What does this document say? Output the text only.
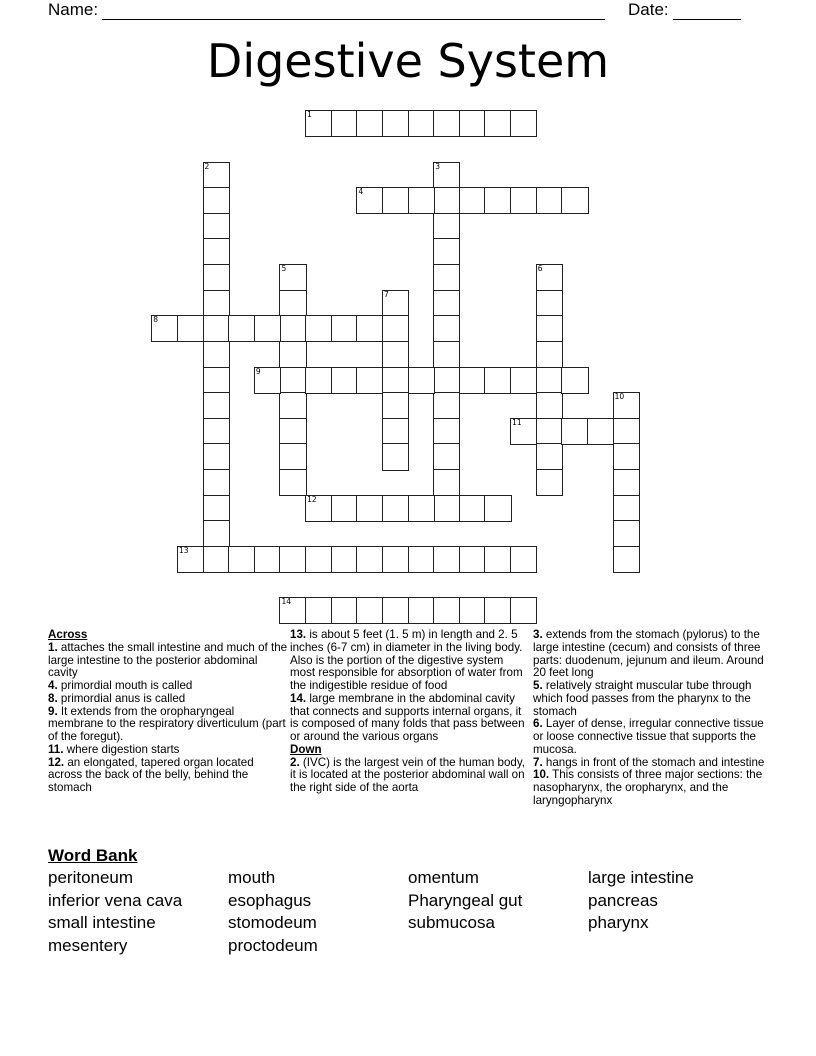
Name:	Date:
Digestive System
1
2	3
4
5	6
7
8
9
10
11
12
13
14
Across
1. attaches the small intestine and much of the large intestine to the posterior abdominal cavity
4. primordial mouth is called
8. primordial anus is called
9. It extends from the oropharyngeal membrane to the respiratory diverticulum (part of the foregut).
11. where digestion starts
12. an elongated, tapered organ located across the back of the belly, behind the stomach
13. is about 5 feet (1. 5 m) in length and 2. 5 inches (6-7 cm) in diameter in the living body. Also is the portion of the digestive system most responsible for absorption of water from the indigestible residue of food
14. large membrane in the abdominal cavity that connects and supports internal organs, it is composed of many folds that pass between or around the various organs
Down
2. (IVC) is the largest vein of the human body, it is located at the posterior abdominal wall on the right side of the aorta
3. extends from the stomach (pylorus) to the large intestine (cecum) and consists of three parts: duodenum, jejunum and ileum. Around 20 feet long
5. relatively straight muscular tube through which food passes from the pharynx to the stomach
6. Layer of dense, irregular connective tissue or loose connective tissue that supports the mucosa.
7. hangs in front of the stomach and intestine
10. This consists of three major sections: the nasopharynx, the oropharynx, and the laryngopharynx
Word Bank
peritoneum
inferior vena cava
small intestine
mesentery
mouth
esophagus
stomodeum
proctodeum
omentum
Pharyngeal gut
submucosa
large intestine
pancreas
pharynx
